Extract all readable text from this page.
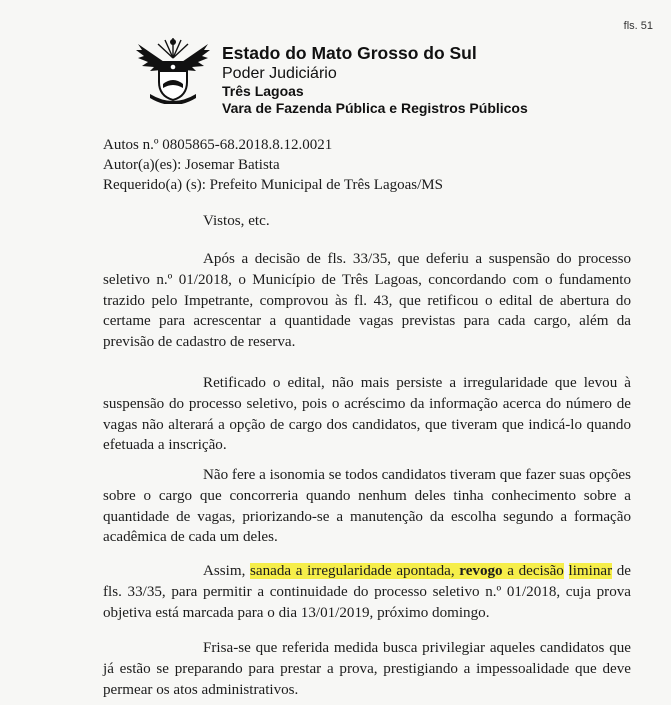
fls. 51
Estado do Mato Grosso do Sul
Poder Judiciário
Três Lagoas
Vara de Fazenda Pública e Registros Públicos
Autos n.º 0805865-68.2018.8.12.0021
Autor(a)(es): Josemar Batista
Requerido(a) (s): Prefeito Municipal de Três Lagoas/MS
Vistos, etc.
Após a decisão de fls. 33/35, que deferiu a suspensão do processo seletivo n.º 01/2018, o Município de Três Lagoas, concordando com o fundamento trazido pelo Impetrante, comprovou às fl. 43, que retificou o edital de abertura do certame para acrescentar a quantidade vagas previstas para cada cargo, além da previsão de cadastro de reserva.
Retificado o edital, não mais persiste a irregularidade que levou à suspensão do processo seletivo, pois o acréscimo da informação acerca do número de vagas não alterará a opção de cargo dos candidatos, que tiveram que indicá-lo quando efetuada a inscrição.
Não fere a isonomia se todos candidatos tiveram que fazer suas opções sobre o cargo que concorreria quando nenhum deles tinha conhecimento sobre a quantidade de vagas, priorizando-se a manutenção da escolha segundo a formação acadêmica de cada um deles.
Assim, sanada a irregularidade apontada, revogo a decisão liminar de fls. 33/35, para permitir a continuidade do processo seletivo n.º 01/2018, cuja prova objetiva está marcada para o dia 13/01/2019, próximo domingo.
Frisa-se que referida medida busca privilegiar aqueles candidatos que já estão se preparando para prestar a prova, prestigiando a impessoalidade que deve permear os atos administrativos.
